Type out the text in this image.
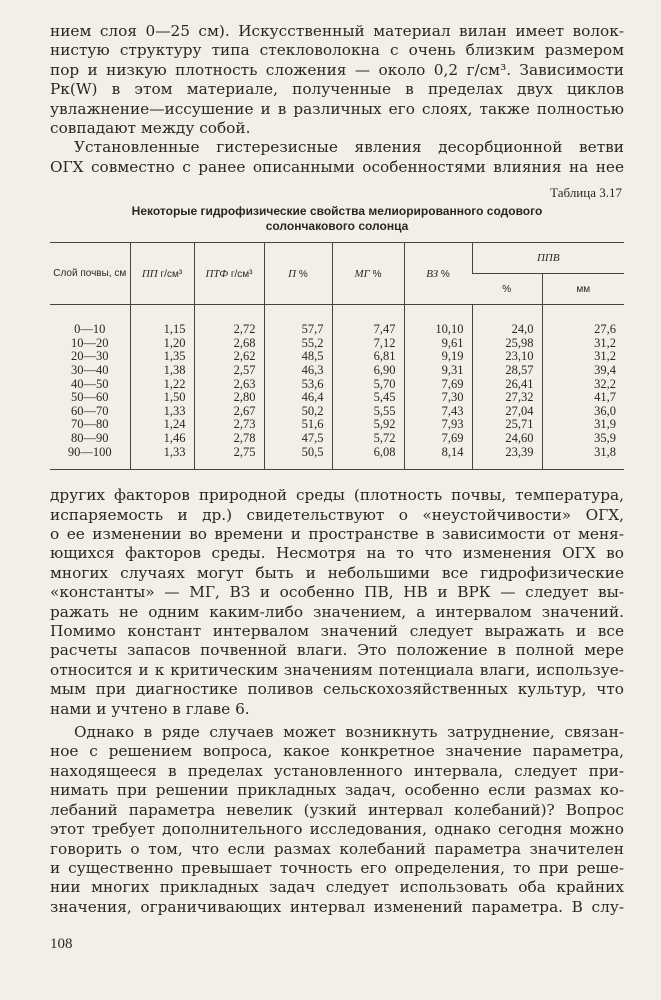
нием слоя 0—25 см). Искусственный материал вилан имеет волок-

нистую структуру типа стекловолокна с очень близким размером

пор и низкую плотность сложения — около 0,2 г/см³. Зависимости

Pк(W) в этом материале, полученные в пределах двух циклов

увлажнение—иссушение и в различных его слоях, также полностью

совпадают между собой.

Установленные гистерезисные явления десорбционной ветви

ОГХ совместно с ранее описанными особенностями влияния на нее

Таблица 3.17
Некоторые гидрофизические свойства мелиорированного содового
солончакового солонца
Слой почвы, см	ПП г/см³	ПТФ г/см³	П %	МГ %	ВЗ %	ППВ	
						%	мм

0—10	1,15	2,72	57,7	7,47	10,10	24,0	27,6
10—20	1,20	2,68	55,2	7,12	9,61	25,98	31,2
20—30	1,35	2,62	48,5	6,81	9,19	23,10	31,2
30—40	1,38	2,57	46,3	6,90	9,31	28,57	39,4
40—50	1,22	2,63	53,6	5,70	7,69	26,41	32,2
50—60	1,50	2,80	46,4	5,45	7,30	27,32	41,7
60—70	1,33	2,67	50,2	5,55	7,43	27,04	36,0
70—80	1,24	2,73	51,6	5,92	7,93	25,71	31,9
80—90	1,46	2,78	47,5	5,72	7,69	24,60	35,9
90—100	1,33	2,75	50,5	6,08	8,14	23,39	31,8

других факторов природной среды (плотность почвы, температура,

испаряемость и др.) свидетельствуют о «неустойчивости» ОГХ,

о ее изменении во времени и пространстве в зависимости от меня-

ющихся факторов среды. Несмотря на то что изменения ОГХ во

многих случаях могут быть и небольшими все гидрофизические

«константы» — МГ, ВЗ и особенно ПВ, НВ и ВРК — следует вы-

ражать не одним каким-либо значением, а интервалом значений.

Помимо констант интервалом значений следует выражать и все

расчеты запасов почвенной влаги. Это положение в полной мере

относится и к критическим значениям потенциала влаги, используе-

мым при диагностике поливов сельскохозяйственных культур, что

нами и учтено в главе 6.

Однако в ряде случаев может возникнуть затруднение, связан-

ное с решением вопроса, какое конкретное значение параметра,

находящееся в пределах установленного интервала, следует при-

нимать при решении прикладных задач, особенно если размах ко-

лебаний параметра невелик (узкий интервал колебаний)? Вопрос

этот требует дополнительного исследования, однако сегодня можно

говорить о том, что если размах колебаний параметра значителен

и существенно превышает точность его определения, то при реше-

нии многих прикладных задач следует использовать оба крайних

значения, ограничивающих интервал изменений параметра. В слу-

108
